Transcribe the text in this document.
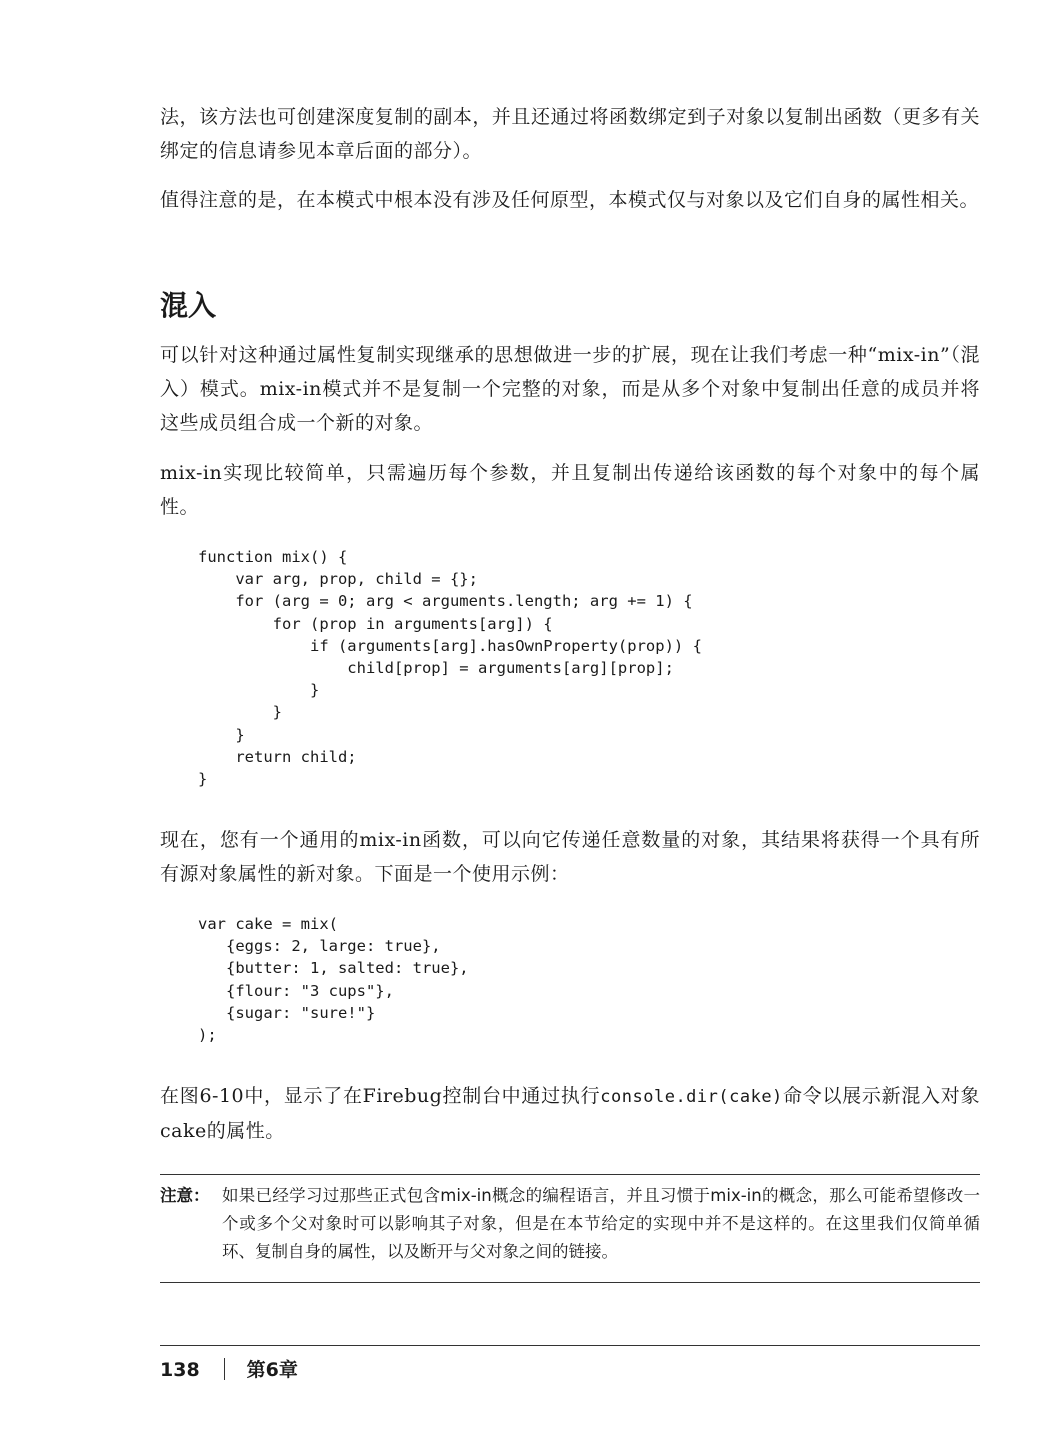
法，该方法也可创建深度复制的副本，并且还通过将函数绑定到子对象以复制出函数（更多有关绑定的信息请参见本章后面的部分）。

值得注意的是，在本模式中根本没有涉及任何原型，本模式仅与对象以及它们自身的属性相关。

混入

可以针对这种通过属性复制实现继承的思想做进一步的扩展，现在让我们考虑一种“mix-in”（混入）模式。mix-in模式并不是复制一个完整的对象，而是从多个对象中复制出任意的成员并将这些成员组合成一个新的对象。

mix-in实现比较简单，只需遍历每个参数，并且复制出传递给该函数的每个对象中的每个属性。

function mix() {
var arg, prop, child = {};
for (arg = 0; arg < arguments.length; arg += 1) {
for (prop in arguments[arg]) {
if (arguments[arg].hasOwnProperty(prop)) {
child[prop] = arguments[arg][prop];
}
}
}
return child;
}

现在，您有一个通用的mix-in函数，可以向它传递任意数量的对象，其结果将获得一个具有所有源对象属性的新对象。下面是一个使用示例：

var cake = mix(
{eggs: 2, large: true},
{butter: 1, salted: true},
{flour: "3 cups"},
{sugar: "sure!"}
);

在图6-10中，显示了在Firebug控制台中通过执行console.dir(cake)命令以展示新混入对象cake的属性。

注意： 如果已经学习过那些正式包含mix-in概念的编程语言，并且习惯于mix-in的概念，那么可能希望修改一个或多个父对象时可以影响其子对象，但是在本节给定的实现中并不是这样的。在这里我们仅简单循环、复制自身的属性，以及断开与父对象之间的链接。

138 第6章
